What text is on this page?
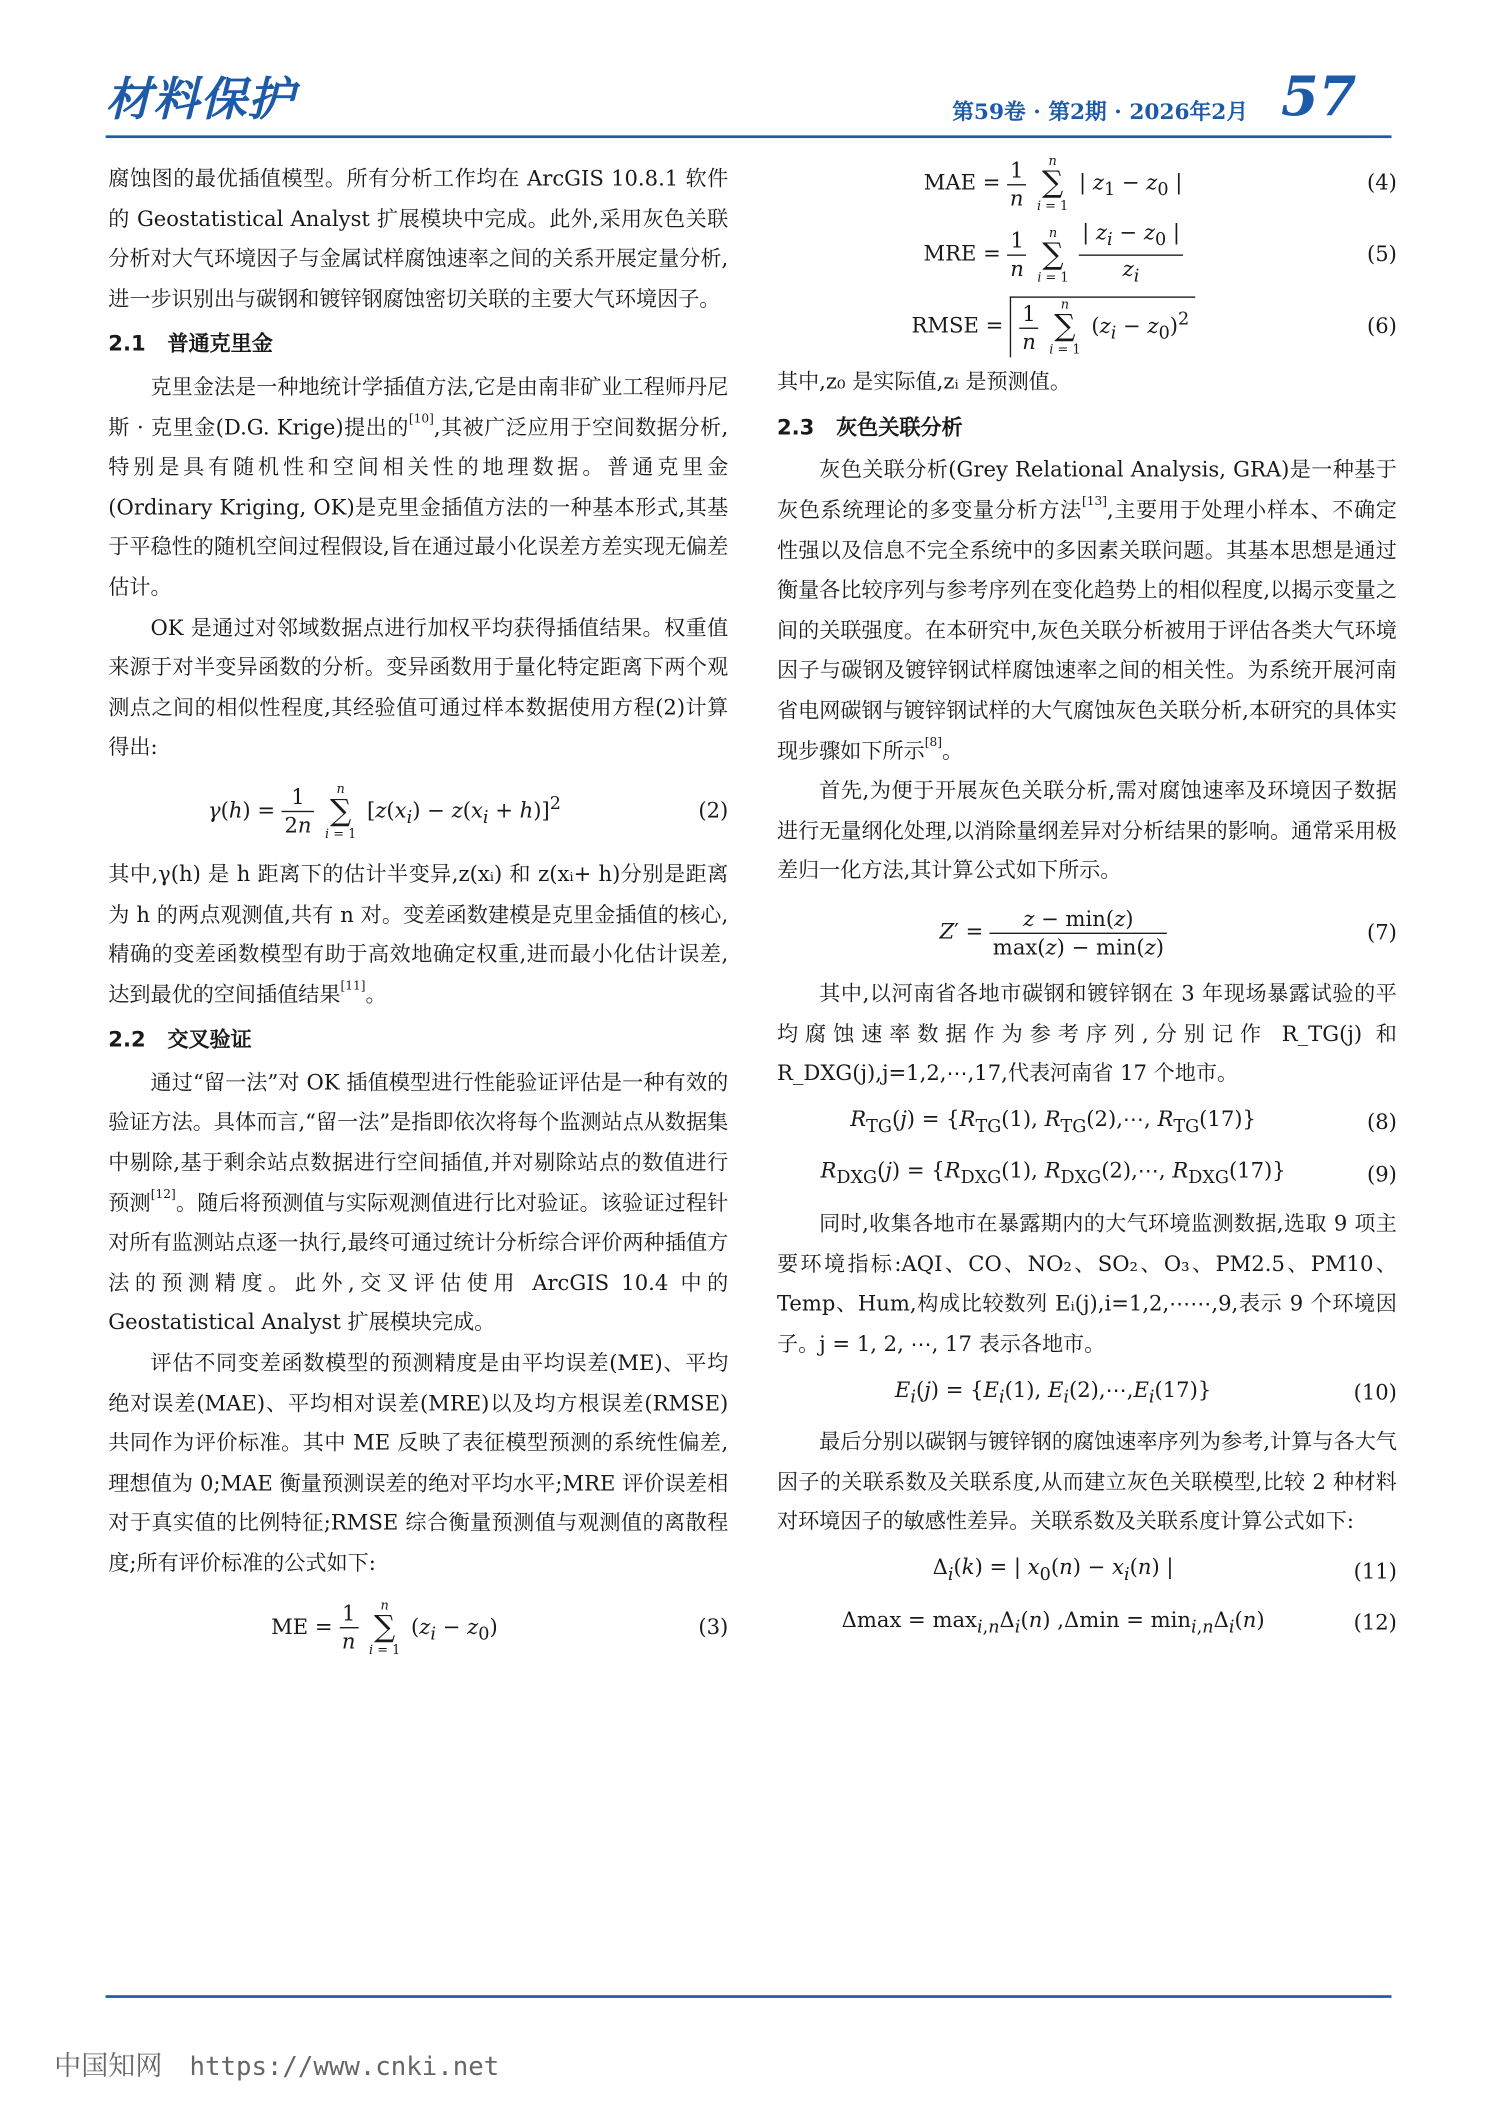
材料保护	第59卷 · 第2期 · 2026年2月 57

腐蚀图的最优插值模型。所有分析工作均在 ArcGIS 10.8.1 软件的 Geostatistical Analyst 扩展模块中完成。此外,采用灰色关联分析对大气环境因子与金属试样腐蚀速率之间的关系开展定量分析,进一步识别出与碳钢和镀锌钢腐蚀密切关联的主要大气环境因子。

2.1 普通克里金

克里金法是一种地统计学插值方法,它是由南非矿业工程师丹尼斯 · 克里金(D.G. Krige)提出的[10],其被广泛应用于空间数据分析,特别是具有随机性和空间相关性的地理数据。普通克里金(Ordinary Kriging, OK)是克里金插值方法的一种基本形式,其基于平稳性的随机空间过程假设,旨在通过最小化误差方差实现无偏差估计。

OK 是通过对邻域数据点进行加权平均获得插值结果。权重值来源于对半变异函数的分析。变异函数用于量化特定距离下两个观测点之间的相似性程度,其经验值可通过样本数据使用方程(2)计算得出:

$\gamma(h) = \frac{1}{2n}$
	n
∑
i = 1
$[z(x_i) - z(x_i + h)]^2$	(2)

其中,γ(h) 是 h 距离下的估计半变异,z(xᵢ) 和 z(xᵢ+ h)分别是距离为 h 的两点观测值,共有 n 对。变差函数建模是克里金插值的核心,精确的变差函数模型有助于高效地确定权重,进而最小化估计误差,达到最优的空间插值结果[11]。

2.2 交叉验证

通过“留一法”对 OK 插值模型进行性能验证评估是一种有效的验证方法。具体而言,“留一法”是指即依次将每个监测站点从数据集中剔除,基于剩余站点数据进行空间插值,并对剔除站点的数值进行预测[12]。随后将预测值与实际观测值进行比对验证。该验证过程针对所有监测站点逐一执行,最终可通过统计分析综合评价两种插值方法的预测精度。此外,交叉评估使用 ArcGIS 10.4 中的 Geostatistical Analyst 扩展模块完成。

评估不同变差函数模型的预测精度是由平均误差(ME)、平均绝对误差(MAE)、平均相对误差(MRE)以及均方根误差(RMSE)共同作为评价标准。其中 ME 反映了表征模型预测的系统性偏差,理想值为 0;MAE 衡量预测误差的绝对平均水平;MRE 评价误差相对于真实值的比例特征;RMSE 综合衡量预测值与观测值的离散程度;所有评价标准的公式如下:

ME = $\frac{1}{n}$
	n
∑
i = 1
$(z_i - z_0)$	(3)
MAE = $\frac{1}{n}$
	n
∑
i = 1
| $z_1 - z_0$ |	(4)
MRE = $\frac{1}{n}$
	n
∑
i = 1
$\frac{| z_i - z_0 |}{z_i}$	(5)
RMSE = $\frac{1}{n}$
	n
∑
i = 1
$(z_i - z_0)^2$	(6)

其中,z₀ 是实际值,zᵢ 是预测值。

2.3 灰色关联分析

灰色关联分析(Grey Relational Analysis, GRA)是一种基于灰色系统理论的多变量分析方法[13],主要用于处理小样本、不确定性强以及信息不完全系统中的多因素关联问题。其基本思想是通过衡量各比较序列与参考序列在变化趋势上的相似程度,以揭示变量之间的关联强度。在本研究中,灰色关联分析被用于评估各类大气环境因子与碳钢及镀锌钢试样腐蚀速率之间的相关性。为系统开展河南省电网碳钢与镀锌钢试样的大气腐蚀灰色关联分析,本研究的具体实现步骤如下所示[8]。

首先,为便于开展灰色关联分析,需对腐蚀速率及环境因子数据进行无量纲化处理,以消除量纲差异对分析结果的影响。通常采用极差归一化方法,其计算公式如下所示。

$Z' = \frac{z - \min(z)}{\max(z) - \min(z)}$	(7)

其中,以河南省各地市碳钢和镀锌钢在 3 年现场暴露试验的平均腐蚀速率数据作为参考序列,分别记作 R_TG(j) 和 R_DXG(j),j=1,2,⋯,17,代表河南省 17 个地市。

$R_{TG}(j) = \{R_{TG}(1)$, $R_{TG}(2),\cdots$, $R_{TG}(17)$}	(8)
$R_{DXG}(j) = \{R_{DXG}(1)$, $R_{DXG}(2),\cdots$, $R_{DXG}(17)$}	(9)

同时,收集各地市在暴露期内的大气环境监测数据,选取 9 项主要环境指标:AQI、CO、NO₂、SO₂、O₃、PM2.5、PM10、Temp、Hum,构成比较数列 Eᵢ(j),i=1,2,⋯⋯,9,表示 9 个环境因子。j = 1, 2, ⋯, 17 表示各地市。

$E_i(j) = \{E_i(1)$, $E_i(2),\cdots,E_i(17)$}	(10)

最后分别以碳钢与镀锌钢的腐蚀速率序列为参考,计算与各大气因子的关联系数及关联系度,从而建立灰色关联模型,比较 2 种材料对环境因子的敏感性差异。关联系数及关联系度计算公式如下:

$\Delta_i(k)$ = | $x_0(n) - x_i(n)$ |	(11)
$\Delta\max = \max_{i,n}\Delta_i(n) ,\Delta\min = \min_{i,n}\Delta_i(n)$	(12)
中国知网 https://www.cnki.net
